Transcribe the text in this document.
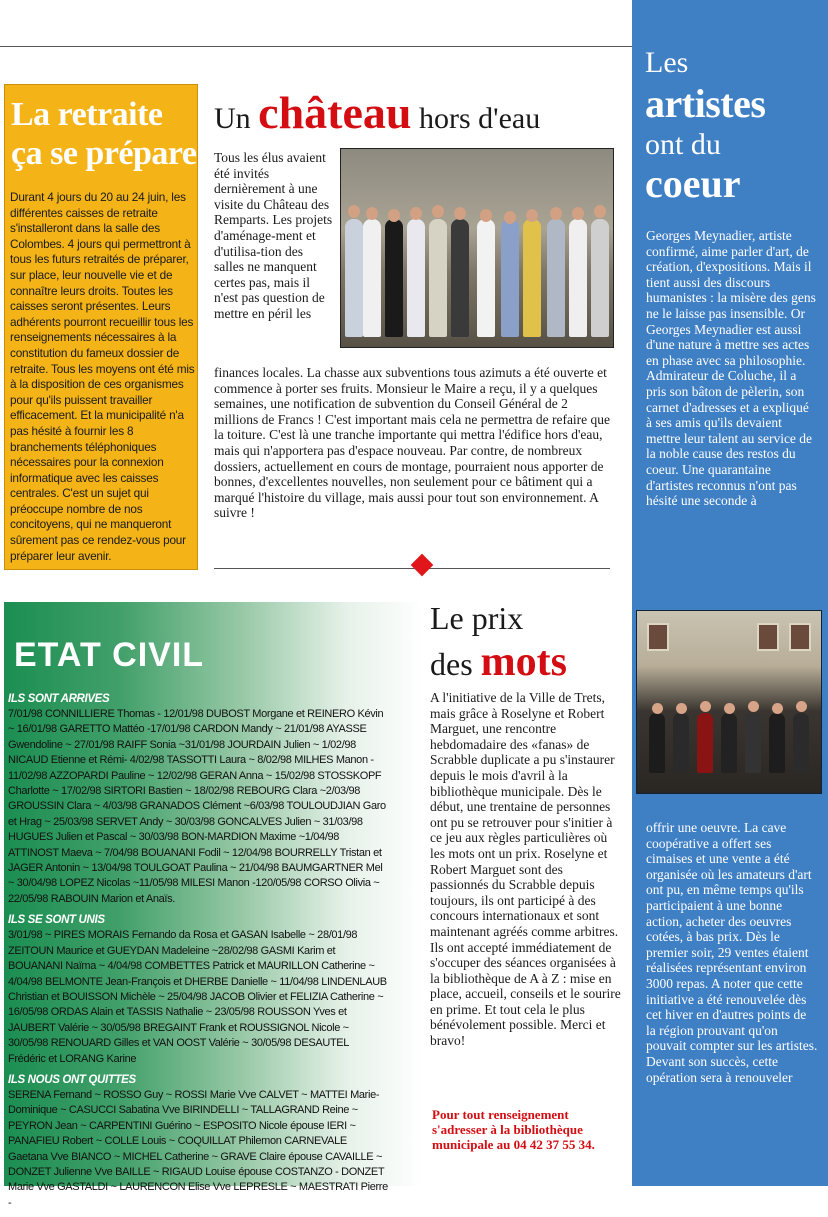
Les
artistes
ont du
coeur
Georges Meynadier, artiste confirmé, aime parler d'art, de création, d'expositions. Mais il tient aussi des discours humanistes : la misère des gens ne le laisse pas insensible. Or Georges Meynadier est aussi d'une nature à mettre ses actes en phase avec sa philosophie. Admirateur de Coluche, il a pris son bâton de pèlerin, son carnet d'adresses et a expliqué à ses amis qu'ils devaient mettre leur talent au service de la noble cause des restos du coeur. Une quarantaine d'artistes reconnus n'ont pas hésité une seconde à
offrir une oeuvre. La cave coopérative a offert ses cimaises et une vente a été organisée où les amateurs d'art ont pu, en même temps qu'ils participaient à une bonne action, acheter des oeuvres cotées, à bas prix. Dès le premier soir, 29 ventes étaient réalisées représentant environ 3000 repas. A noter que cette initiative a été renouvelée dès cet hiver en d'autres points de la région prouvant qu'on pouvait compter sur les artistes. Devant son succès, cette opération sera à renouveler
La retraite ça se prépare
Durant 4 jours du 20 au 24 juin, les différentes caisses de retraite s'installeront dans la salle des Colombes. 4 jours qui permettront à tous les futurs retraités de préparer, sur place, leur nouvelle vie et de connaître leurs droits. Toutes les caisses seront présentes. Leurs adhérents pourront recueillir tous les renseignements nécessaires à la constitution du fameux dossier de retraite. Tous les moyens ont été mis à la disposition de ces organismes pour qu'ils puissent travailler efficacement. Et la municipalité n'a pas hésité à fournir les 8 branchements téléphoniques nécessaires pour la connexion informatique avec les caisses centrales. C'est un sujet qui préoccupe nombre de nos concitoyens, qui ne manqueront sûrement pas ce rendez-vous pour préparer leur avenir.
Un château hors d'eau
Tous les élus avaient été invités dernièrement à une visite du Château des Remparts. Les projets d'aménage-ment et d'utilisa-tion des salles ne manquent certes pas, mais il n'est pas question de mettre en péril les
finances locales. La chasse aux subventions tous azimuts a été ouverte et commence à porter ses fruits. Monsieur le Maire a reçu, il y a quelques semaines, une notification de subvention du Conseil Général de 2 millions de Francs ! C'est important mais cela ne permettra de refaire que la toiture. C'est là une tranche importante qui mettra l'édifice hors d'eau, mais qui n'apportera pas d'espace nouveau. Par contre, de nombreux dossiers, actuellement en cours de montage, pourraient nous apporter de bonnes, d'excellentes nouvelles, non seulement pour ce bâtiment qui a marqué l'histoire du village, mais aussi pour tout son environnement. A suivre !
ETAT CIVIL
ILS SONT ARRIVES

7/01/98 CONNILLIERE Thomas - 12/01/98 DUBOST Morgane et REINERO Kévin ~ 16/01/98 GARETTO Mattéo -17/01/98 CARDON Mandy ~ 21/01/98 AYASSE Gwendoline ~ 27/01/98 RAIFF Sonia ~31/01/98 JOURDAIN Julien ~ 1/02/98 NICAUD Etienne et Rémi- 4/02/98 TASSOTTI Laura ~ 8/02/98 MILHES Manon - 11/02/98 AZZOPARDI Pauline ~ 12/02/98 GERAN Anna ~ 15/02/98 STOSSKOPF Charlotte ~ 17/02/98 SIRTORI Bastien ~ 18/02/98 REBOURG Clara ~2/03/98 GROUSSIN Clara ~ 4/03/98 GRANADOS Clément ~6/03/98 TOULOUDJIAN Garo et Hrag ~ 25/03/98 SERVET Andy ~ 30/03/98 GONCALVES Julien ~ 31/03/98 HUGUES Julien et Pascal ~ 30/03/98 BON-MARDION Maxime ~1/04/98 ATTINOST Maeva ~ 7/04/98 BOUANANI Fodil ~ 12/04/98 BOURRELLY Tristan et JAGER Antonin ~ 13/04/98 TOULGOAT Paulina ~ 21/04/98 BAUMGARTNER Mel ~ 30/04/98 LOPEZ Nicolas ~11/05/98 MILESI Manon -120/05/98 CORSO Olivia ~ 22/05/98 RABOUIN Marion et Anaïs.

ILS SE SONT UNIS

3/01/98 ~ PIRES MORAIS Fernando da Rosa et GASAN Isabelle ~ 28/01/98 ZEITOUN Maurice et GUEYDAN Madeleine ~28/02/98 GASMI Karim et BOUANANI Naïma ~ 4/04/98 COMBETTES Patrick et MAURILLON Catherine ~ 4/04/98 BELMONTE Jean-François et DHERBE Danielle ~ 11/04/98 LINDENLAUB Christian et BOUISSON Michèle ~ 25/04/98 JACOB Olivier et FELIZIA Catherine ~ 16/05/98 ORDAS Alain et TASSIS Nathalie ~ 23/05/98 ROUSSON Yves et JAUBERT Valérie ~ 30/05/98 BREGAINT Frank et ROUSSIGNOL Nicole ~ 30/05/98 RENOUARD Gilles et VAN OOST Valérie ~ 30/05/98 DESAUTEL Frédéric et LORANG Karine

ILS NOUS ONT QUITTES

SERENA Fernand ~ ROSSO Guy ~ ROSSI Marie Vve CALVET ~ MATTEI Marie-Dominique ~ CASUCCI Sabatina Vve BIRINDELLI ~ TALLAGRAND Reine ~ PEYRON Jean ~ CARPENTINI Guérino ~ ESPOSITO Nicole épouse IERI ~ PANAFIEU Robert ~ COLLE Louis ~ COQUILLAT Philemon CARNEVALE Gaetana Vve BIANCO ~ MICHEL Catherine ~ GRAVE Claire épouse CAVAILLE ~ DONZET Julienne Vve BAILLE ~ RIGAUD Louise épouse COSTANZO - DONZET Marie Vve GASTALDI ~ LAURENCON Elise Vve LEPRESLE ~ MAESTRATI Pierre -

Le prix
des mots
A l'initiative de la Ville de Trets, mais grâce à Roselyne et Robert Marguet, une rencontre hebdomadaire des «fanas» de Scrabble duplicate a pu s'instaurer depuis le mois d'avril à la bibliothèque municipale. Dès le début, une trentaine de personnes ont pu se retrouver pour s'initier à ce jeu aux règles particulières où les mots ont un prix. Roselyne et Robert Marguet sont des passionnés du Scrabble depuis toujours, ils ont participé à des concours internationaux et sont maintenant agréés comme arbitres. Ils ont accepté immédiatement de s'occuper des séances organisées à la bibliothèque de A à Z : mise en place, accueil, conseils et le sourire en prime. Et tout cela le plus bénévolement possible. Merci et bravo!
Pour tout renseignement s'adresser à la bibliothèque municipale au 04 42 37 55 34.
